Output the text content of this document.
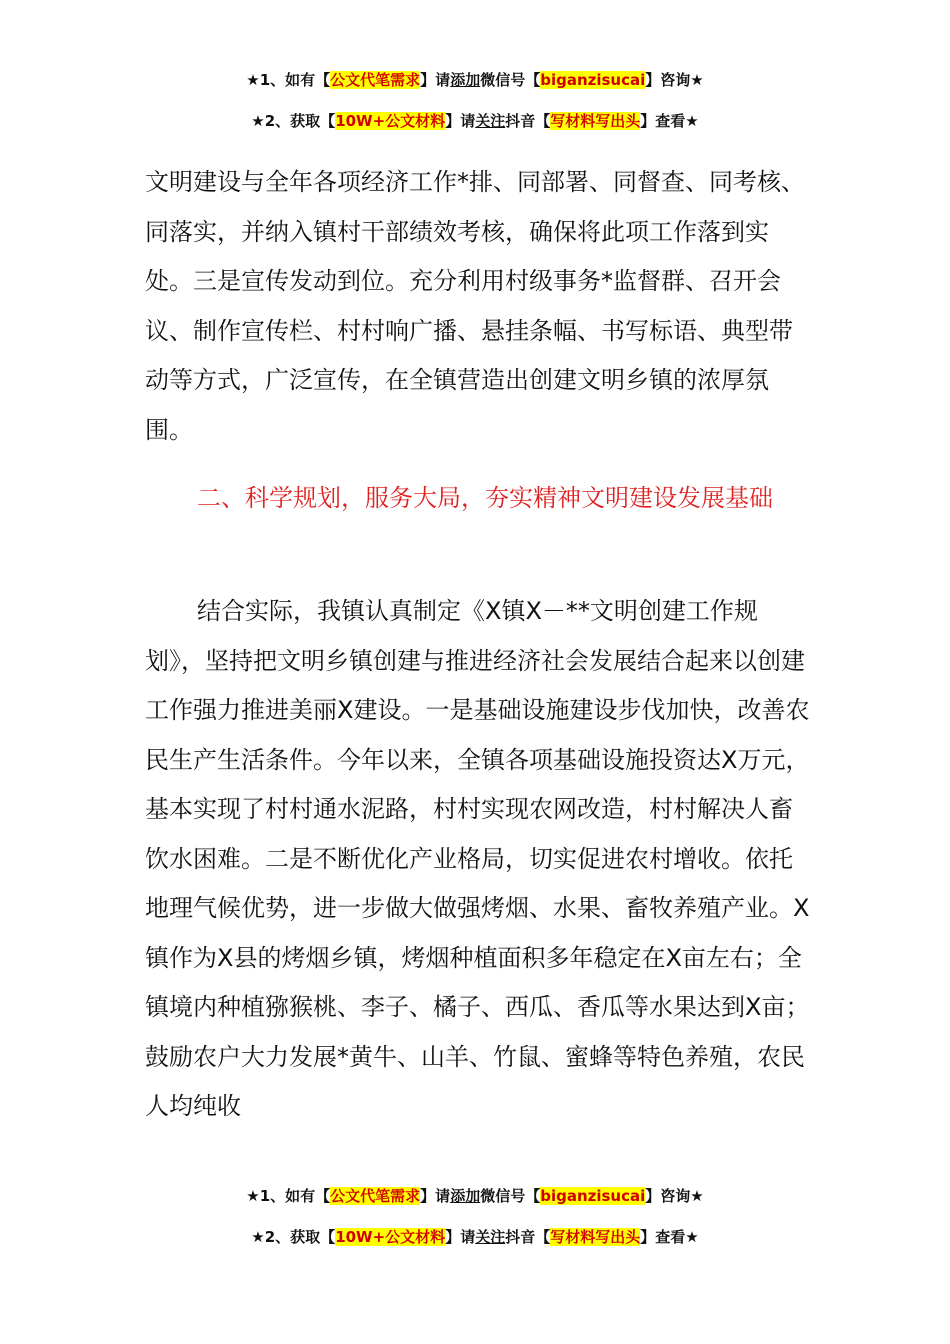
★1、如有【公文代笔需求】请添加微信号【biganzisucai】咨询★
★2、获取【10W+公文材料】请关注抖音【写材料写出头】查看★

文明建设与全年各项经济工作*排、同部署、同督查、同考核、同落实，并纳入镇村干部绩效考核，确保将此项工作落到实处。三是宣传发动到位。充分利用村级事务*监督群、召开会议、制作宣传栏、村村响广播、悬挂条幅、书写标语、典型带动等方式，广泛宣传，在全镇营造出创建文明乡镇的浓厚氛围。

二、科学规划，服务大局，夯实精神文明建设发展基础

结合实际，我镇认真制定《X镇X－**文明创建工作规划》，坚持把文明乡镇创建与推进经济社会发展结合起来以创建工作强力推进美丽X建设。一是基础设施建设步伐加快，改善农民生产生活条件。今年以来，全镇各项基础设施投资达X万元，基本实现了村村通水泥路，村村实现农网改造，村村解决人畜饮水困难。二是不断优化产业格局，切实促进农村增收。依托地理气候优势，进一步做大做强烤烟、水果、畜牧养殖产业。X镇作为X县的烤烟乡镇，烤烟种植面积多年稳定在X亩左右；全镇境内种植猕猴桃、李子、橘子、西瓜、香瓜等水果达到X亩；鼓励农户大力发展*黄牛、山羊、竹鼠、蜜蜂等特色养殖，农民人均纯收

★1、如有【公文代笔需求】请添加微信号【biganzisucai】咨询★
★2、获取【10W+公文材料】请关注抖音【写材料写出头】查看★
